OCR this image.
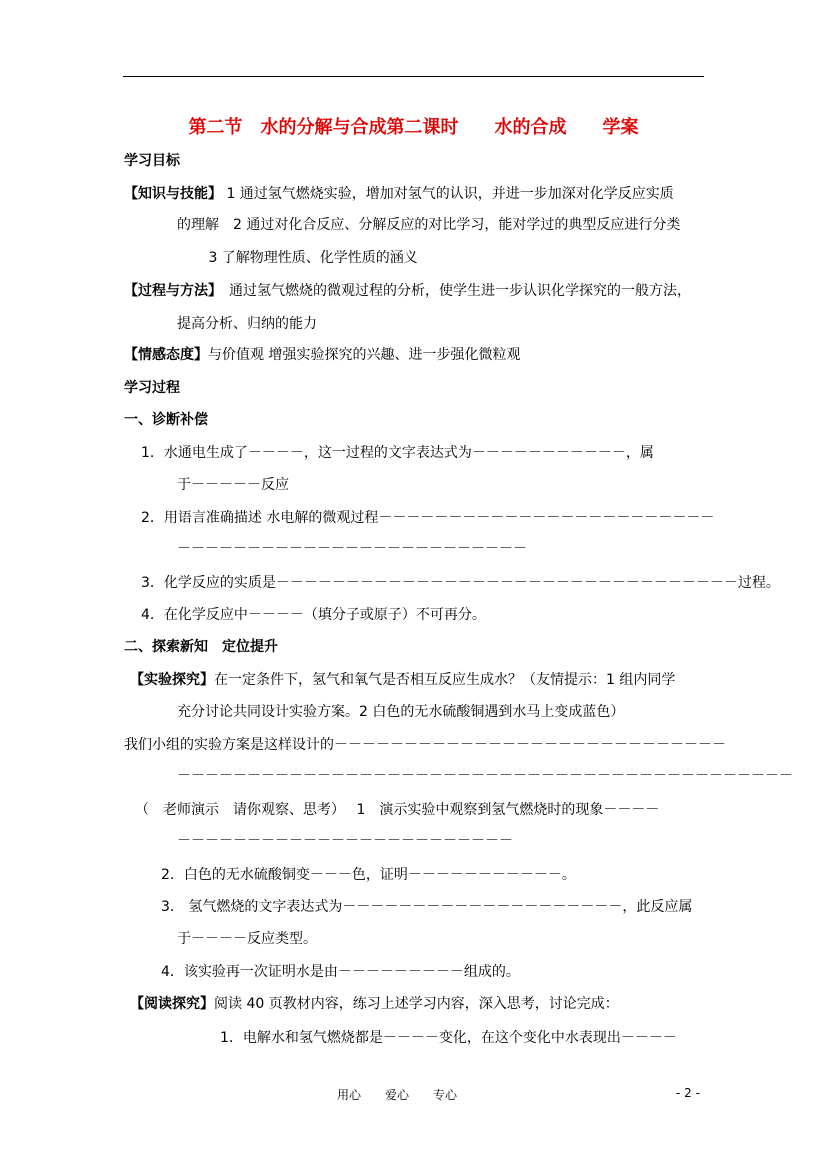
第二节　水的分解与合成第二课时　　水的合成　　学案
学习目标
【知识与技能】 1 通过氢气燃烧实验，增加对氢气的认识，并进一步加深对化学反应实质
的理解　2 通过对化合反应、分解反应的对比学习，能对学过的典型反应进行分类
3 了解物理性质、化学性质的涵义
【过程与方法】　通过氢气燃烧的微观过程的分析，使学生进一步认识化学探究的一般方法，
提高分析、归纳的能力
【情感态度】与价值观 增强实验探究的兴趣、进一步强化微粒观
学习过程
一、诊断补偿
1．水通电生成了－－－－，这一过程的文字表达式为－－－－－－－－－－－，属
于－－－－－反应
2．用语言准确描述 水电解的微观过程－－－－－－－－－－－－－－－－－－－－－－－－
－－－－－－－－－－－－－－－－－－－－－－－－－
3．化学反应的实质是－－－－－－－－－－－－－－－－－－－－－－－－－－－－－－－－－过程。
4．在化学反应中－－－－（填分子或原子）不可再分。
二、探索新知　定位提升
【实验探究】在一定条件下，氢气和氧气是否相互反应生成水？（友情提示：1 组内同学
充分讨论共同设计实验方案。2 白色的无水硫酸铜遇到水马上变成蓝色）
我们小组的实验方案是这样设计的－－－－－－－－－－－－－－－－－－－－－－－－－－－－
－－－－－－－－－－－－－－－－－－－－－－－－－－－－－－－－－－－－－－－－－－－－
（　老师演示　请你观察、思考）　 1　演示实验中观察到氢气燃烧时的现象－－－－
－－－－－－－－－－－－－－－－－－－－－－－－
2．白色的无水硫酸铜变－－－色，证明－－－－－－－－－－－。
3． 氢气燃烧的文字表达式为－－－－－－－－－－－－－－－－－－－－，此反应属
于－－－－反应类型。
4．该实验再一次证明水是由－－－－－－－－－组成的。
【阅读探究】阅读 40 页教材内容，练习上述学习内容，深入思考，讨论完成：
1．电解水和氢气燃烧都是－－－－变化，在这个变化中水表现出－－－－
用心　　爱心　　专心	- 2 -
